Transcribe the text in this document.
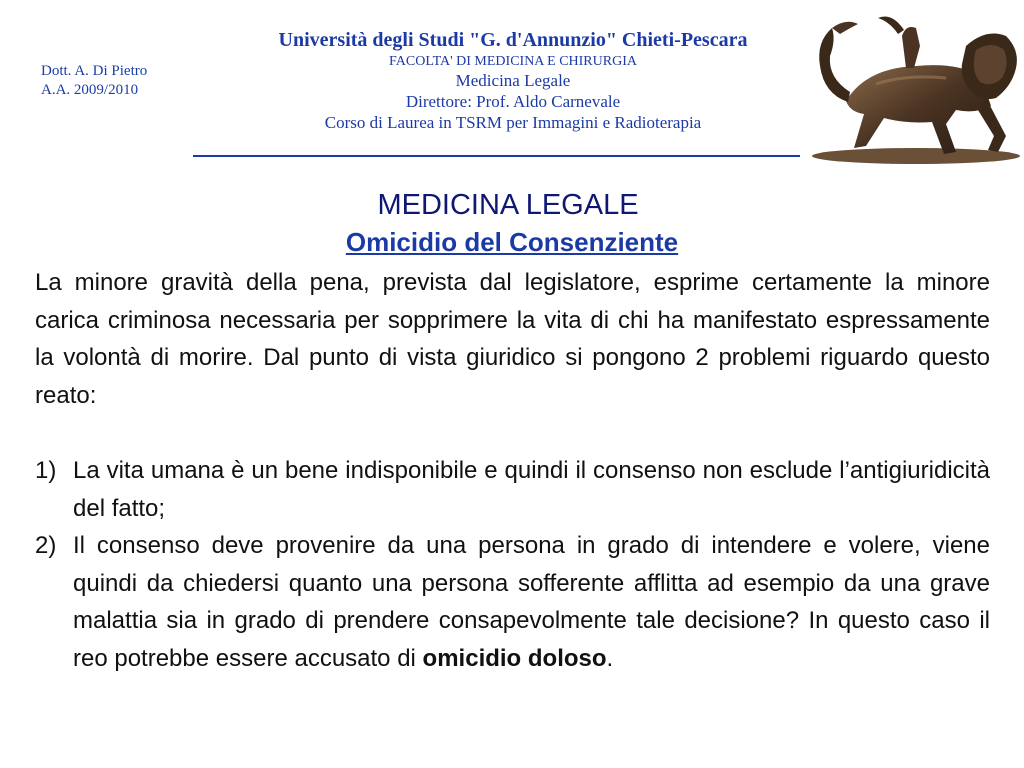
Dott. A. Di Pietro
A.A. 2009/2010
Università degli Studi "G. d'Annunzio" Chieti-Pescara
FACOLTA' DI MEDICINA E CHIRURGIA
Medicina Legale
Direttore: Prof. Aldo Carnevale
Corso di Laurea in TSRM per Immagini e Radioterapia
MEDICINA LEGALE
Omicidio del Consenziente
La minore gravità della pena, prevista dal legislatore, esprime certamente la minore carica criminosa necessaria per sopprimere la vita di chi ha manifestato espressamente la volontà di morire. Dal punto di vista giuridico si pongono 2 problemi riguardo questo reato:
1) La vita umana è un bene indisponibile e quindi il consenso non esclude l’antigiuridicità del fatto;
2) Il consenso deve provenire da una persona in grado di intendere e volere, viene quindi da chiedersi quanto una persona sofferente afflitta ad esempio da una grave malattia sia in grado di prendere consapevolmente tale decisione? In questo caso il reo potrebbe essere accusato di omicidio doloso.
